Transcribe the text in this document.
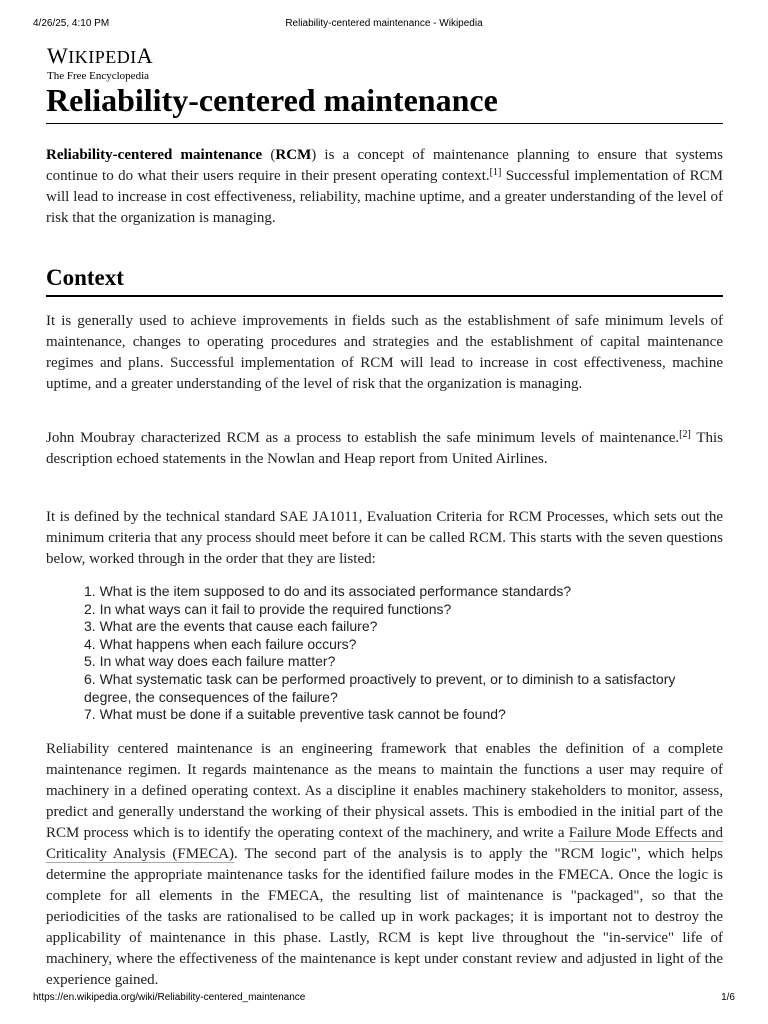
4/26/25, 4:10 PM	Reliability-centered maintenance - Wikipedia
WIKIPEDIA
The Free Encyclopedia
Reliability-centered maintenance

Reliability-centered maintenance (RCM) is a concept of maintenance planning to ensure that systems continue to do what their users require in their present operating context.[1] Successful implementation of RCM will lead to increase in cost effectiveness, reliability, machine uptime, and a greater understanding of the level of risk that the organization is managing.

Context

It is generally used to achieve improvements in fields such as the establishment of safe minimum levels of maintenance, changes to operating procedures and strategies and the establishment of capital maintenance regimes and plans. Successful implementation of RCM will lead to increase in cost effectiveness, machine uptime, and a greater understanding of the level of risk that the organization is managing.

John Moubray characterized RCM as a process to establish the safe minimum levels of maintenance.[2] This description echoed statements in the Nowlan and Heap report from United Airlines.

It is defined by the technical standard SAE JA1011, Evaluation Criteria for RCM Processes, which sets out the minimum criteria that any process should meet before it can be called RCM. This starts with the seven questions below, worked through in the order that they are listed:

1. What is the item supposed to do and its associated performance standards?
2. In what ways can it fail to provide the required functions?
3. What are the events that cause each failure?
4. What happens when each failure occurs?
5. In what way does each failure matter?
6. What systematic task can be performed proactively to prevent, or to diminish to a satisfactory degree, the consequences of the failure?
7. What must be done if a suitable preventive task cannot be found?

Reliability centered maintenance is an engineering framework that enables the definition of a complete maintenance regimen. It regards maintenance as the means to maintain the functions a user may require of machinery in a defined operating context. As a discipline it enables machinery stakeholders to monitor, assess, predict and generally understand the working of their physical assets. This is embodied in the initial part of the RCM process which is to identify the operating context of the machinery, and write a Failure Mode Effects and Criticality Analysis (FMECA). The second part of the analysis is to apply the "RCM logic", which helps determine the appropriate maintenance tasks for the identified failure modes in the FMECA. Once the logic is complete for all elements in the FMECA, the resulting list of maintenance is "packaged", so that the periodicities of the tasks are rationalised to be called up in work packages; it is important not to destroy the applicability of maintenance in this phase. Lastly, RCM is kept live throughout the "in-service" life of machinery, where the effectiveness of the maintenance is kept under constant review and adjusted in light of the experience gained.

https://en.wikipedia.org/wiki/Reliability-centered_maintenance	1/6
